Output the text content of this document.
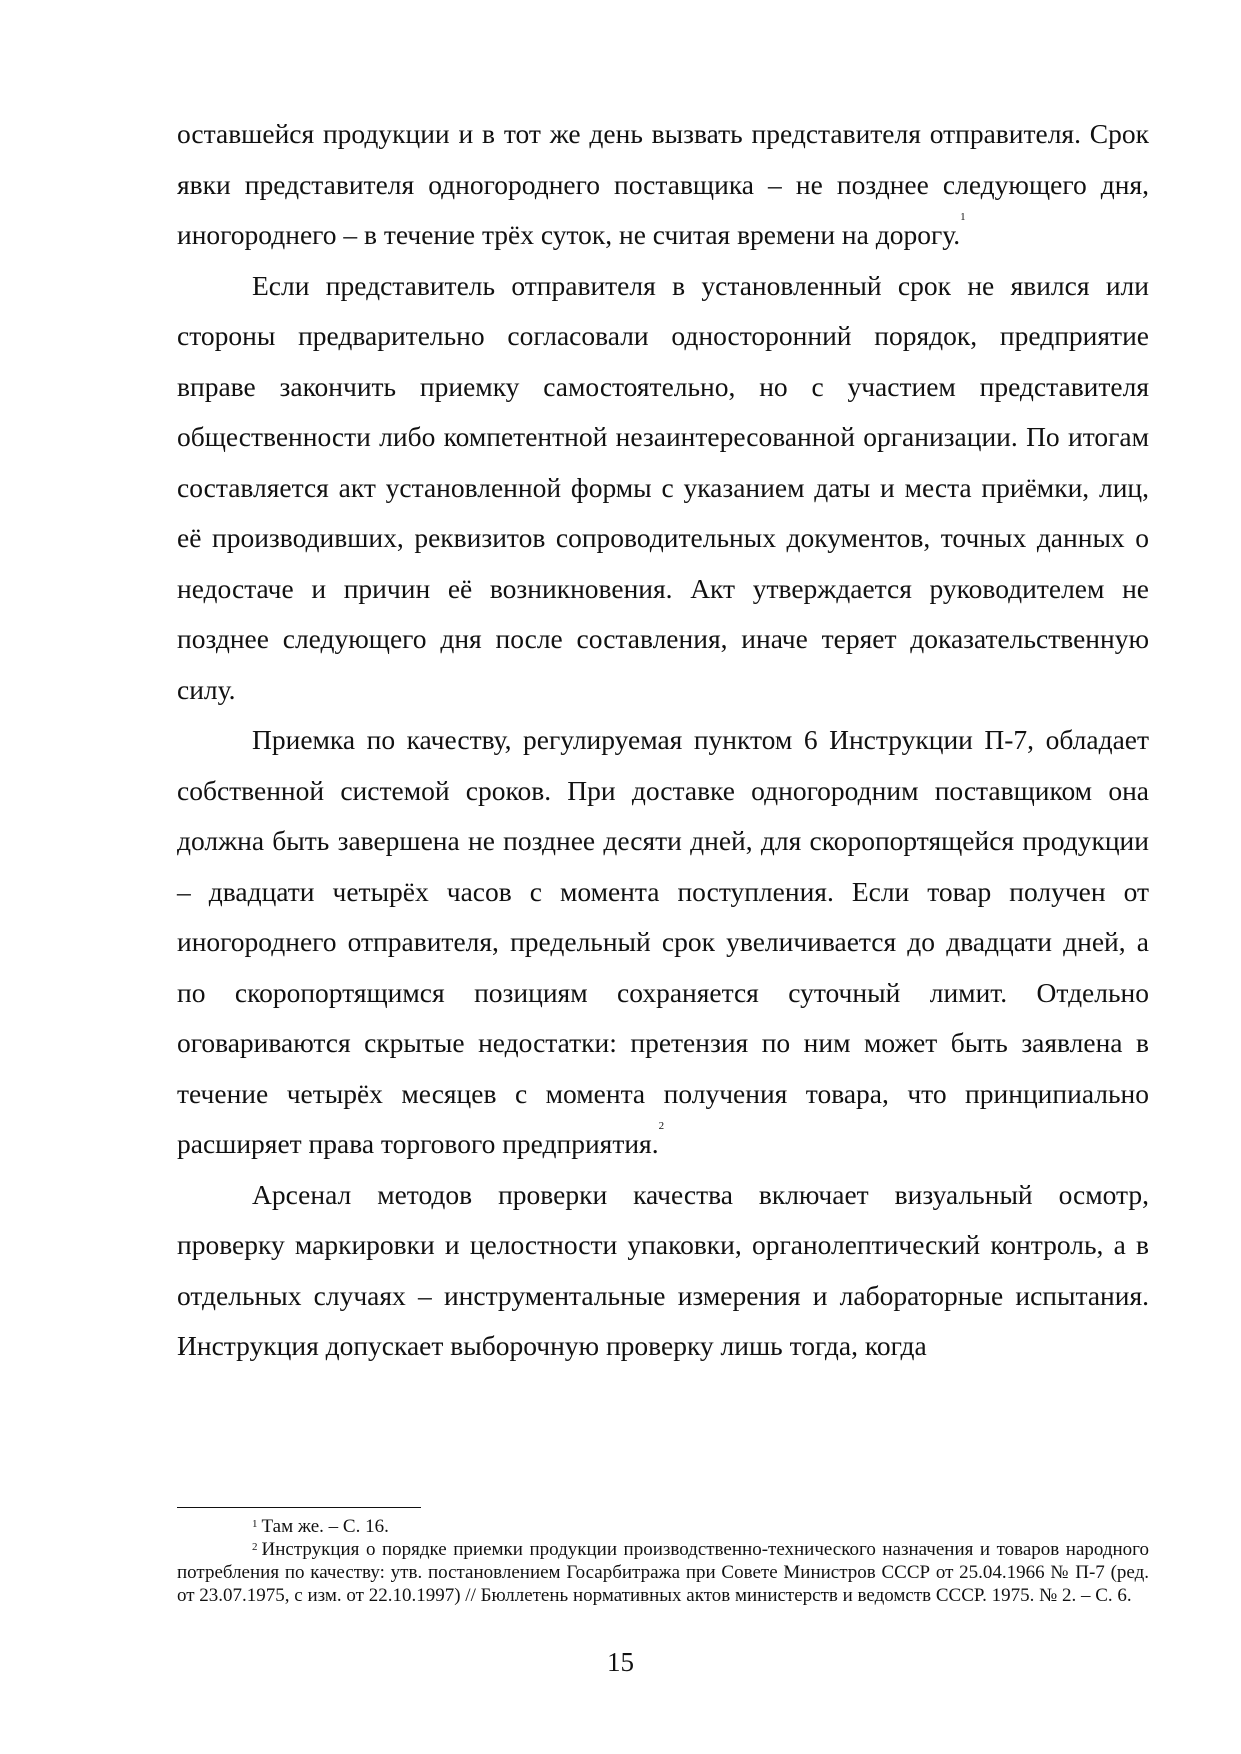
оставшейся продукции и в тот же день вызвать представителя отправителя. Срок явки представителя одногороднего поставщика – не позднее следующего дня, иногороднего – в течение трёх суток, не считая времени на дорогу.$^1$

Если представитель отправителя в установленный срок не явился или стороны предварительно согласовали односторонний порядок, предприятие вправе закончить приемку самостоятельно, но с участием представителя общественности либо компетентной незаинтересованной организации. По итогам составляется акт установленной формы с указанием даты и места приёмки, лиц, её производивших, реквизитов сопроводительных документов, точных данных о недостаче и причин её возникновения. Акт утверждается руководителем не позднее следующего дня после составления, иначе теряет доказательственную силу.

Приемка по качеству, регулируемая пунктом 6 Инструкции П-7, обладает собственной системой сроков. При доставке одногородним поставщиком она должна быть завершена не позднее десяти дней, для скоропортящейся продукции – двадцати четырёх часов с момента поступления. Если товар получен от иногороднего отправителя, предельный срок увеличивается до двадцати дней, а по скоропортящимся позициям сохраняется суточный лимит. Отдельно оговариваются скрытые недостатки: претензия по ним может быть заявлена в течение четырёх месяцев с момента получения товара, что принципиально расширяет права торгового предприятия.$^2$

Арсенал методов проверки качества включает визуальный осмотр, проверку маркировки и целостности упаковки, органолептический контроль, а в отдельных случаях – инструментальные измерения и лабораторные испытания. Инструкция допускает выборочную проверку лишь тогда, когда

$^1$ Там же. – С. 16.

$^2$ Инструкция о порядке приемки продукции производственно-технического назначения и товаров народного потребления по качеству: утв. постановлением Госарбитража при Совете Министров СССР от 25.04.1966 № П-7 (ред. от 23.07.1975, с изм. от 22.10.1997) // Бюллетень нормативных актов министерств и ведомств СССР. 1975. № 2. – С. 6.

15
